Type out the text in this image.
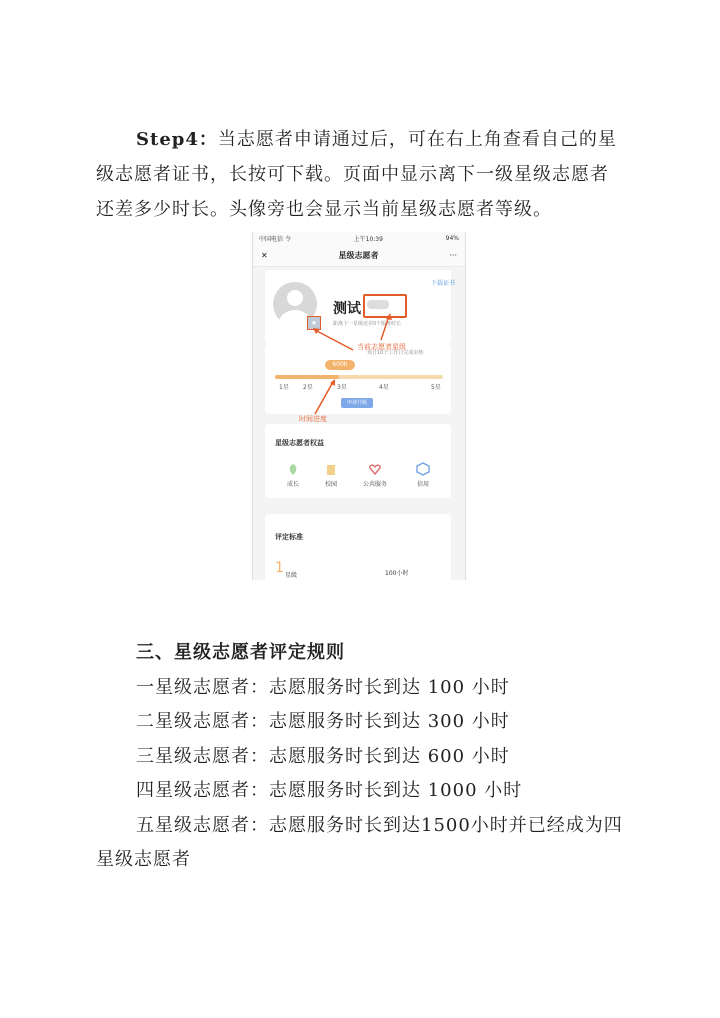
Step4：当志愿者申请通过后，可在右上角查看自己的星
级志愿者证书，长按可下载。页面中显示离下一级星级志愿者
还差多少时长。头像旁也会显示当前星级志愿者等级。
中国电信 令	上午10:39	94%
✕	星级志愿者	···
下载证书
★
测试
距离下一星级还差0个服务时长
当前志愿者星级
预计10个工作日完成审核
600h
1星 2星	3星	4星	5星
申请升级
时间进度
星级志愿者权益
成长	校园	公共服务	信用
评定标准
1 星级	100小时
三、星级志愿者评定规则
一星级志愿者：志愿服务时长到达 100 小时
二星级志愿者：志愿服务时长到达 300 小时
三星级志愿者：志愿服务时长到达 600 小时
四星级志愿者：志愿服务时长到达 1000 小时
五星级志愿者：志愿服务时长到达1500小时并已经成为四星级志愿者
